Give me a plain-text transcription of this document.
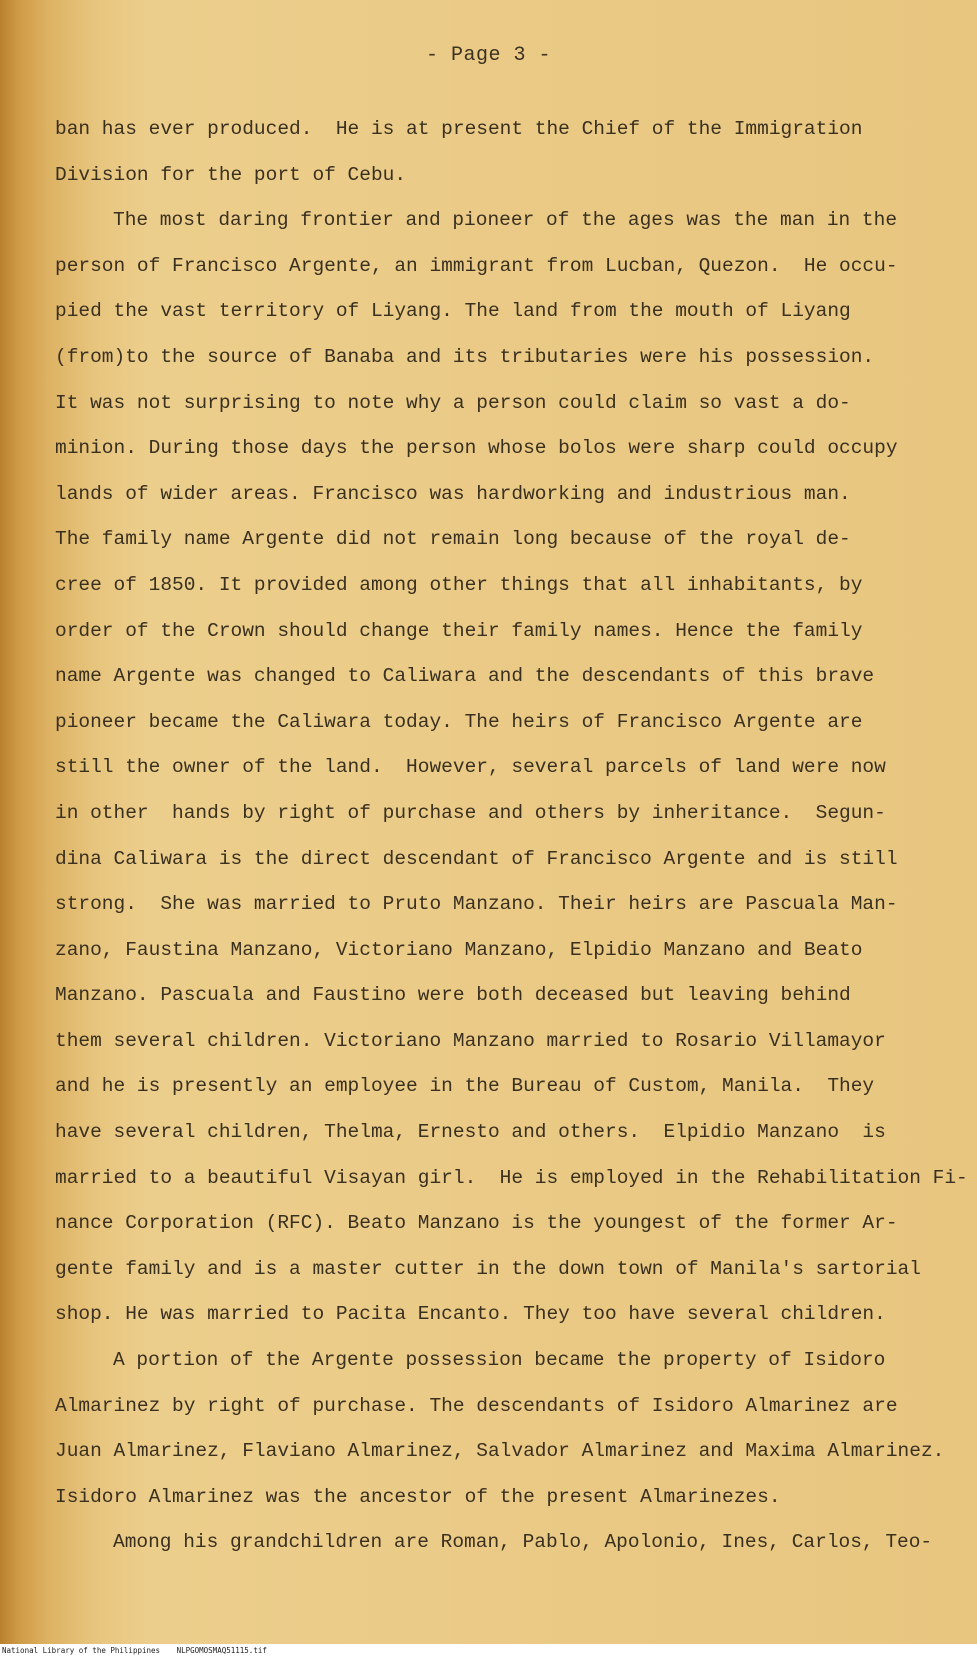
- Page 3 -
ban has ever produced.  He is at present the Chief of the Immigration
Division for the port of Cebu.
The most daring frontier and pioneer of the ages was the man in the
person of Francisco Argente, an immigrant from Lucban, Quezon.  He occu-
pied the vast territory of Liyang. The land from the mouth of Liyang
(from)to the source of Banaba and its tributaries were his possession.
It was not surprising to note why a person could claim so vast a do-
minion. During those days the person whose bolos were sharp could occupy
lands of wider areas. Francisco was hardworking and industrious man.
The family name Argente did not remain long because of the royal de-
cree of 1850. It provided among other things that all inhabitants, by
order of the Crown should change their family names. Hence the family
name Argente was changed to Caliwara and the descendants of this brave
pioneer became the Caliwara today. The heirs of Francisco Argente are
still the owner of the land.  However, several parcels of land were now
in other  hands by right of purchase and others by inheritance.  Segun-
dina Caliwara is the direct descendant of Francisco Argente and is still
strong.  She was married to Pruto Manzano. Their heirs are Pascuala Man-
zano, Faustina Manzano, Victoriano Manzano, Elpidio Manzano and Beato
Manzano. Pascuala and Faustino were both deceased but leaving behind
them several children. Victoriano Manzano married to Rosario Villamayor
and he is presently an employee in the Bureau of Custom, Manila.  They
have several children, Thelma, Ernesto and others.  Elpidio Manzano  is
married to a beautiful Visayan girl.  He is employed in the Rehabilitation Fi-
nance Corporation (RFC). Beato Manzano is the youngest of the former Ar-
gente family and is a master cutter in the down town of Manila's sartorial
shop. He was married to Pacita Encanto. They too have several children.
A portion of the Argente possession became the property of Isidoro
Almarinez by right of purchase. The descendants of Isidoro Almarinez are
Juan Almarinez, Flaviano Almarinez, Salvador Almarinez and Maxima Almarinez.
Isidoro Almarinez was the ancestor of the present Almarinezes.
Among his grandchildren are Roman, Pablo, Apolonio, Ines, Carlos, Teo-
National Library of the Philippines NLPGOMOSMAQ51115.tif
